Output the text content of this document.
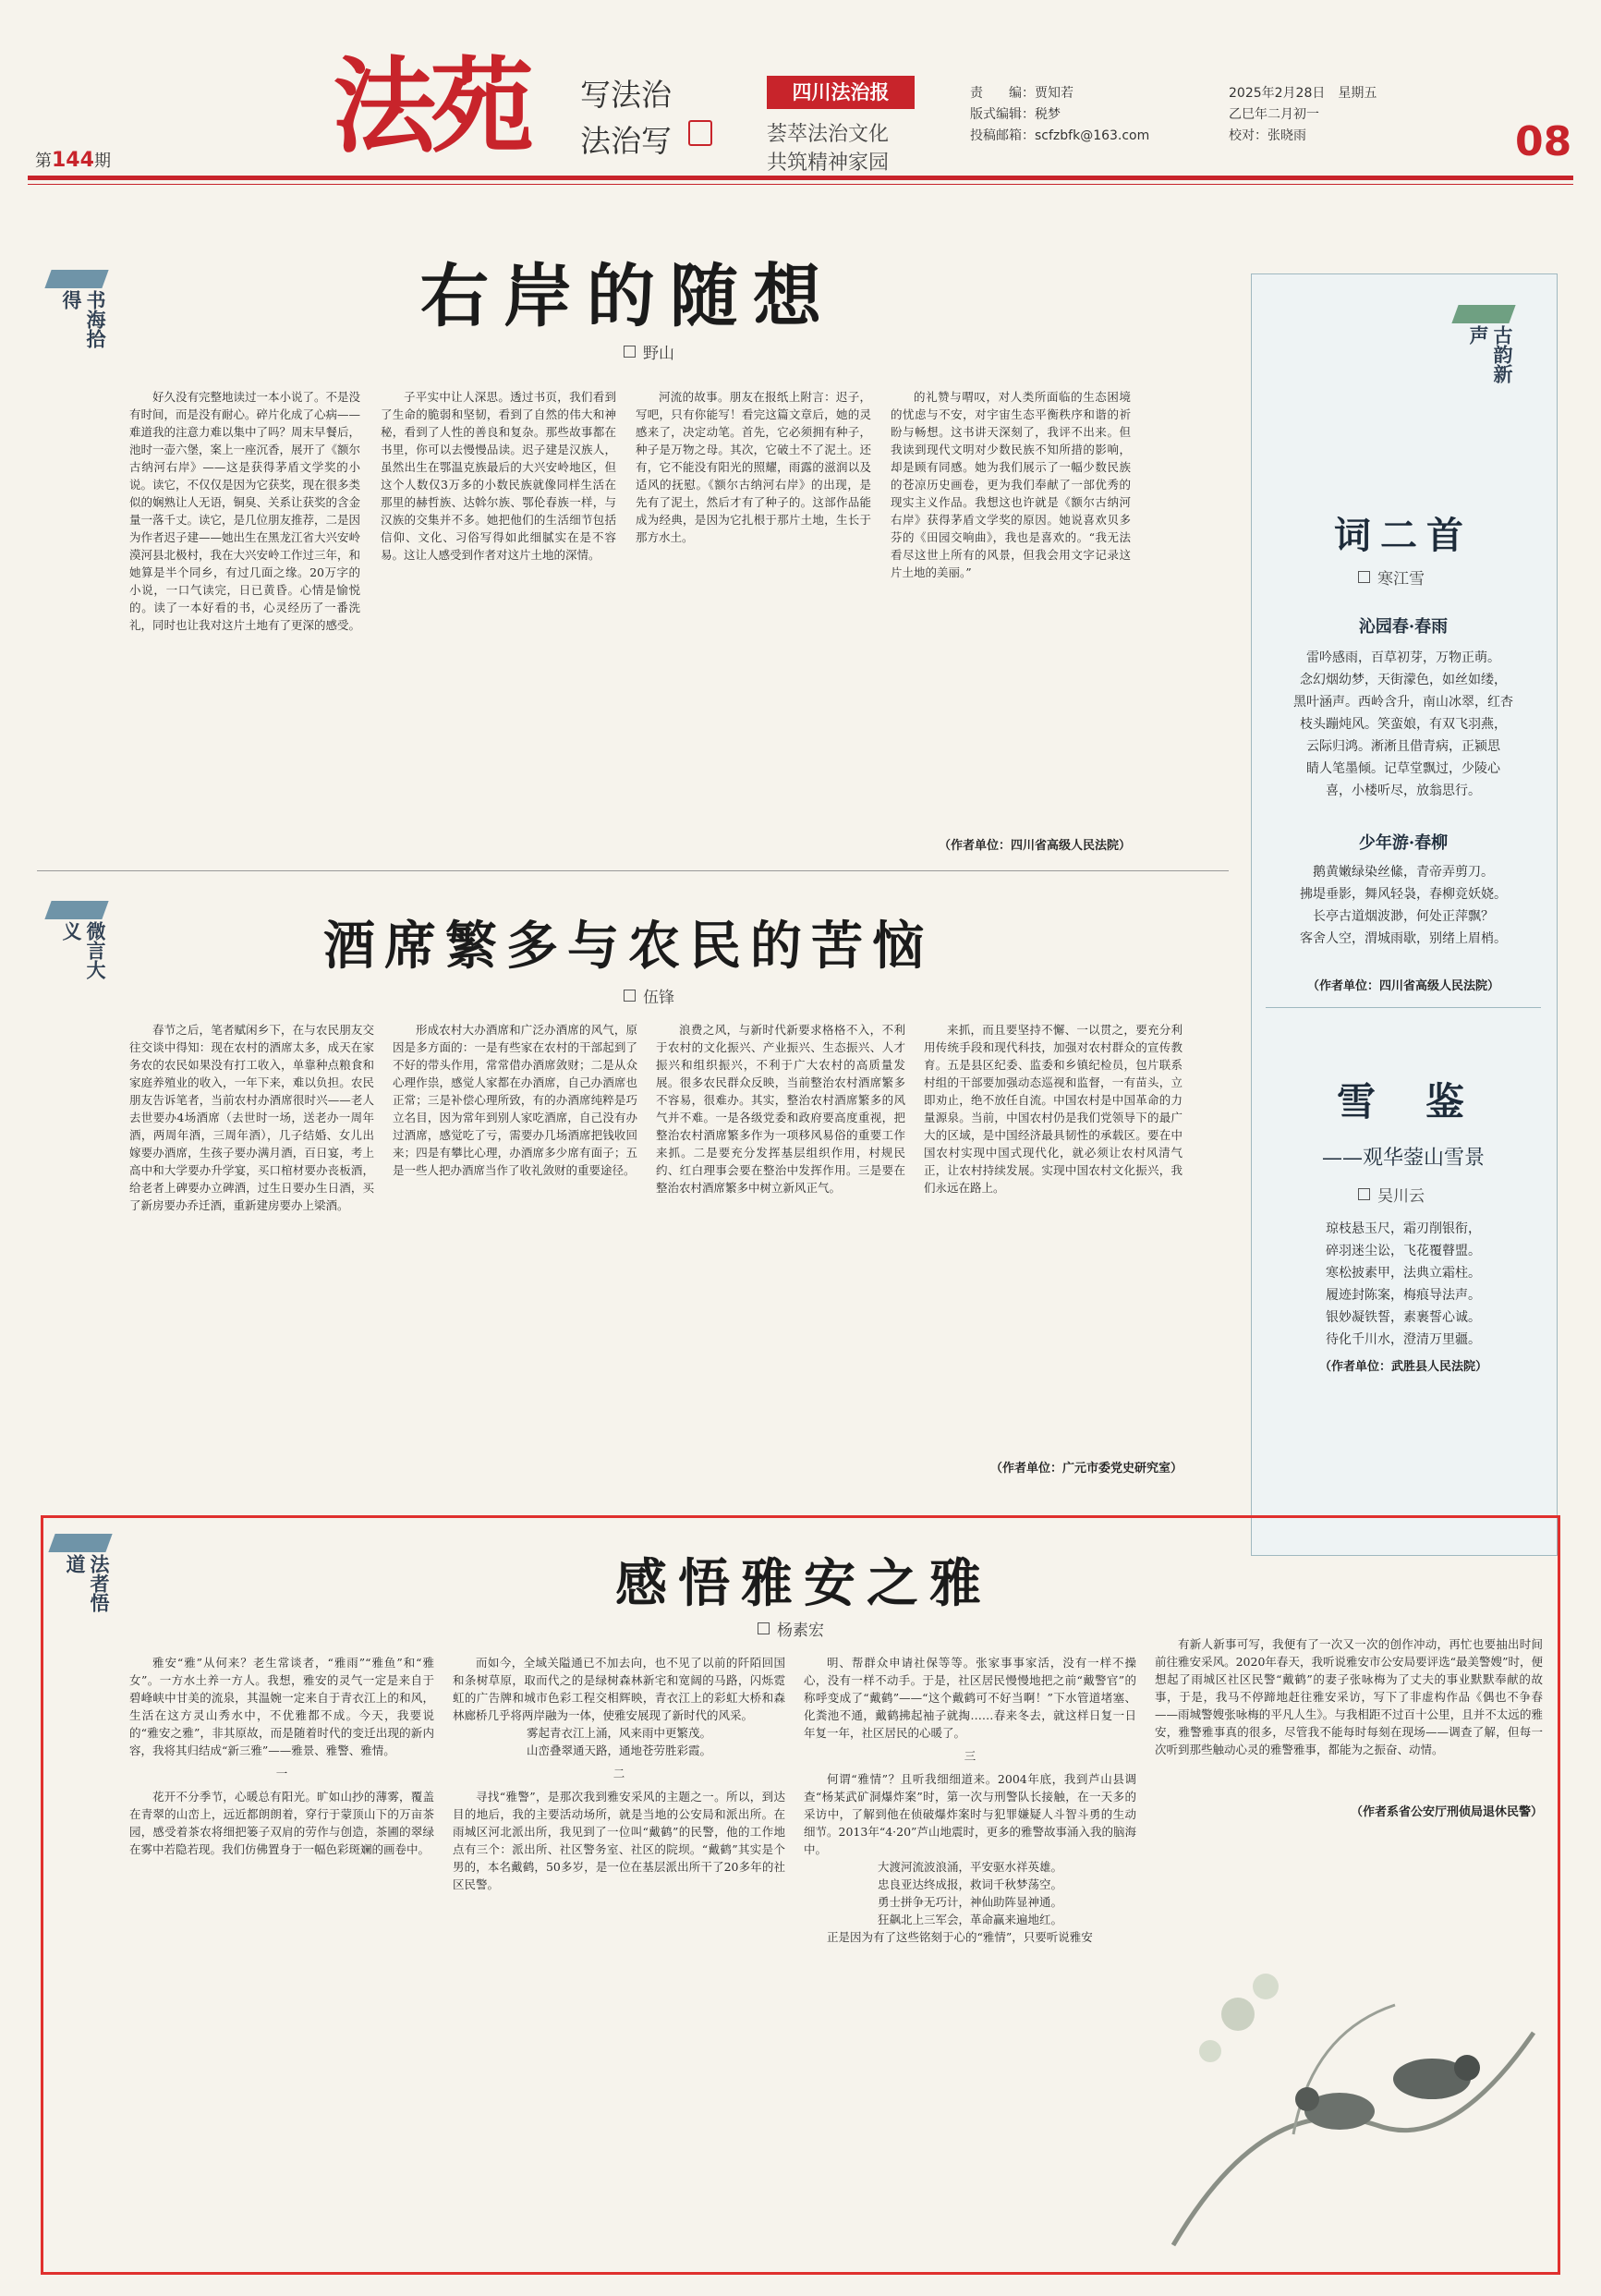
第144期 法苑 写法治
法治写
四川法治报
荟萃法治文化
共筑精神家园
责　　编：贾知若
版式编辑：税梦
投稿邮箱：scfzbfk@163.com
2025年2月28日　星期五
乙巳年二月初一
校对：张晓雨	08
书海拾得	右岸的随想
野山

好久没有完整地读过一本小说了。不是没有时间，而是没有耐心。碎片化成了心病——难道我的注意力难以集中了吗？周末早餐后，池时一壶六堡，案上一座沉香，展开了《额尔古纳河右岸》——这是获得茅盾文学奖的小说。读它，不仅仅是因为它获奖，现在很多类似的娴熟让人无语，铜臭、关系让获奖的含金量一落千丈。读它，是几位朋友推荐，二是因为作者迟子建——她出生在黑龙江省大兴安岭漠河县北极村，我在大兴安岭工作过三年，和她算是半个同乡，有过几面之缘。20万字的小说，一口气读完，日已黄昏。心情是愉悦的。读了一本好看的书，心灵经历了一番洗礼，同时也让我对这片土地有了更深的感受。

子平实中让人深思。透过书页，我们看到了生命的脆弱和坚韧，看到了自然的伟大和神秘，看到了人性的善良和复杂。那些故事都在书里，你可以去慢慢品读。迟子建是汉族人，虽然出生在鄂温克族最后的大兴安岭地区，但这个人数仅3万多的小数民族就像同样生活在那里的赫哲族、达斡尔族、鄂伦春族一样，与汉族的交集并不多。她把他们的生活细节包括信仰、文化、习俗写得如此细腻实在是不容易。这让人感受到作者对这片土地的深情。

河流的故事。朋友在报纸上附言：迟子，写吧，只有你能写！看完这篇文章后，她的灵感来了，决定动笔。首先，它必须拥有种子，种子是万物之母。其次，它破土不了泥土。还有，它不能没有阳光的照耀，雨露的滋润以及适风的抚慰。《额尔古纳河右岸》的出现，是先有了泥土，然后才有了种子的。这部作品能成为经典，是因为它扎根于那片土地，生长于那方水土。

的礼赞与喟叹，对人类所面临的生态困境的忧虑与不安，对宇宙生态平衡秩序和谐的祈盼与畅想。这书讲天深刻了，我评不出来。但我读到现代文明对少数民族不知所措的影响，却是顾有同感。她为我们展示了一幅少数民族的苍凉历史画卷，更为我们奉献了一部优秀的现实主义作品。我想这也许就是《额尔古纳河右岸》获得茅盾文学奖的原因。她说喜欢贝多芬的《田园交响曲》，我也是喜欢的。“我无法看尽这世上所有的风景，但我会用文字记录这片土地的美丽。”

（作者单位：四川省高级人民法院）
微言大义	酒席繁多与农民的苦恼
伍锋

春节之后，笔者赋闲乡下，在与农民朋友交往交谈中得知：现在农村的酒席太多，成天在家务农的农民如果没有打工收入，单靠种点粮食和家庭养殖业的收入，一年下来，难以负担。农民朋友告诉笔者，当前农村办酒席很时兴——老人去世要办4场酒席（去世时一场，送老办一周年酒，两周年酒，三周年酒），几子结婚、女儿出嫁要办酒席，生孩子要办满月酒，百日宴，考上高中和大学要办升学宴，买口棺材要办丧板酒，给老者上碑要办立碑酒，过生日要办生日酒，买了新房要办乔迁酒，重新建房要办上梁酒。

形成农村大办酒席和广泛办酒席的风气，原因是多方面的：一是有些家在农村的干部起到了不好的带头作用，常常借办酒席敛财；二是从众心理作祟，感觉人家都在办酒席，自己办酒席也正常；三是补偿心理所致，有的办酒席纯粹是巧立名目，因为常年到别人家吃酒席，自己没有办过酒席，感觉吃了亏，需要办几场酒席把钱收回来；四是有攀比心理，办酒席多少席有面子；五是一些人把办酒席当作了收礼敛财的重要途径。

浪费之风，与新时代新要求格格不入，不利于农村的文化振兴、产业振兴、生态振兴、人才振兴和组织振兴，不利于广大农村的高质量发展。很多农民群众反映，当前整治农村酒席繁多不容易，很难办。其实，整治农村酒席繁多的风气并不难。一是各级党委和政府要高度重视，把整治农村酒席繁多作为一项移风易俗的重要工作来抓。二是要充分发挥基层组织作用，村规民约、红白理事会要在整治中发挥作用。三是要在整治农村酒席繁多中树立新风正气。

来抓，而且要坚持不懈、一以贯之，要充分利用传统手段和现代科技，加强对农村群众的宣传教育。五是县区纪委、监委和乡镇纪检员，包片联系村组的干部要加强动态巡视和监督，一有苗头，立即劝止，绝不放任自流。中国农村是中国革命的力量源泉。当前，中国农村仍是我们党领导下的最广大的区域，是中国经济最具韧性的承载区。要在中国农村实现中国式现代化，就必须让农村风清气正，让农村持续发展。实现中国农村文化振兴，我们永远在路上。

（作者单位：广元市委党史研究室）
古韵新声
词二首
寒江雪
沁园春·春雨
雷吟感雨，百草初芽，万物正萌。
念幻烟幼梦，天街濛色，如丝如缕，
黑叶涵声。西岭含升，南山冰翠，红杏
枝头蹦炖风。笑蛮娘，有双飞羽燕，
云际归鸿。淅淅且借青病，正颍思
睛人笔墨倾。记草堂飘过，少陵心
喜，小楼听尽，放翁思行。
少年游·春柳
鹅黄嫩绿染丝絛，青帝弄剪刀。
拂堤垂影，舞风轻袅，春柳竞妖娆。
长亭古道烟波渺，何处正萍飘？
客舍人空，渭城雨歇，别绪上眉梢。
（作者单位：四川省高级人民法院）
雪　鉴
——观华蓥山雪景
吴川云
琼枝悬玉尺，霜刃削银衔，
碎羽迷尘讼，飞花覆瞽盟。
寒松披素甲，法典立霜柱。
履迹封陈案，梅痕导法声。
银妙凝铁誓，素裹誓心诚。
待化千川水，澄清万里疆。
（作者单位：武胜县人民法院）
法者悟道	感悟雅安之雅
杨素宏

雅安“雅”从何来？老生常谈者，“雅雨”“雅鱼”和“雅女”。一方水土养一方人。我想，雅安的灵气一定是来自于碧峰峡中甘美的流泉，其温婉一定来自于青衣江上的和风，生活在这方灵山秀水中，不优雅都不成。今天，我要说的“雅安之雅”，非其原故，而是随着时代的变迁出现的新内容，我将其归结成“新三雅”——雅景、雅警、雅情。

一

花开不分季节，心暖总有阳光。旷如山抄的薄雾，覆盖在青翠的山峦上，远近都朗朗着，穿行于蒙顶山下的万亩茶园，感受着茶农将细把篓子双肩的劳作与创造，茶圃的翠绿在雾中若隐若现。我们仿佛置身于一幅色彩斑斓的画卷中。

而如今，全域关隘通已不加去向，也不见了以前的阡陌回国和条树草原，取而代之的是绿树森林新宅和宽阔的马路，闪烁霓虹的广告牌和城市色彩工程交相辉映，青衣江上的彩虹大桥和森林廊桥几乎将两岸融为一体，使雅安展现了新时代的风采。

雾起青衣江上涌，风来雨中更繁茂。
山峦叠翠通天路，通地苍劳胜彩霞。
二

寻找“雅警”，是那次我到雅安采风的主题之一。所以，到达目的地后，我的主要活动场所，就是当地的公安局和派出所。在雨城区河北派出所，我见到了一位叫“戴鹤”的民警，他的工作地点有三个：派出所、社区警务室、社区的院坝。“戴鹤”其实是个男的，本名戴鹤，50多岁，是一位在基层派出所干了20多年的社区民警。

明、帮群众申请社保等等。张家事事家活，没有一样不操心，没有一样不动手。于是，社区居民慢慢地把之前“戴警官”的称呼变成了“戴鹤”——“这个戴鹤可不好当啊！”下水管道堵塞、化粪池不通，戴鹤拂起袖子就掏……春来冬去，就这样日复一日年复一年，社区居民的心暖了。

三

何谓“雅情”？且听我细细道来。2004年底，我到芦山县调查“杨某武矿洞爆炸案”时，第一次与刑警队长接触，在一天多的采访中，了解到他在侦破爆炸案时与犯罪嫌疑人斗智斗勇的生动细节。2013年“4·20”芦山地震时，更多的雅警故事涌入我的脑海中。

大渡河流波浪涌，平安驱水祥英雄。
忠良亚达终成报，救词千秋梦荡空。
勇士拼争无巧计，神仙助阵显神通。
狂飙北上三军会，革命赢来遍地红。

正是因为有了这些铭刻于心的“雅情”，只要听说雅安

有新人新事可写，我便有了一次又一次的创作冲动，再忙也要抽出时间前往雅安采风。2020年春天，我听说雅安市公安局要评选“最美警嫂”时，便想起了雨城区社区民警“戴鹤”的妻子张咏梅为了丈夫的事业默默奉献的故事，于是，我马不停蹄地赶往雅安采访，写下了非虚构作品《偶也不争春——雨城警嫂张咏梅的平凡人生》。与我相距不过百十公里，且并不太远的雅安，雅警雅事真的很多，尽管我不能每时每刻在现场——调查了解，但每一次听到那些触动心灵的雅警雅事，都能为之振奋、动情。

（作者系省公安厅刑侦局退休民警）
